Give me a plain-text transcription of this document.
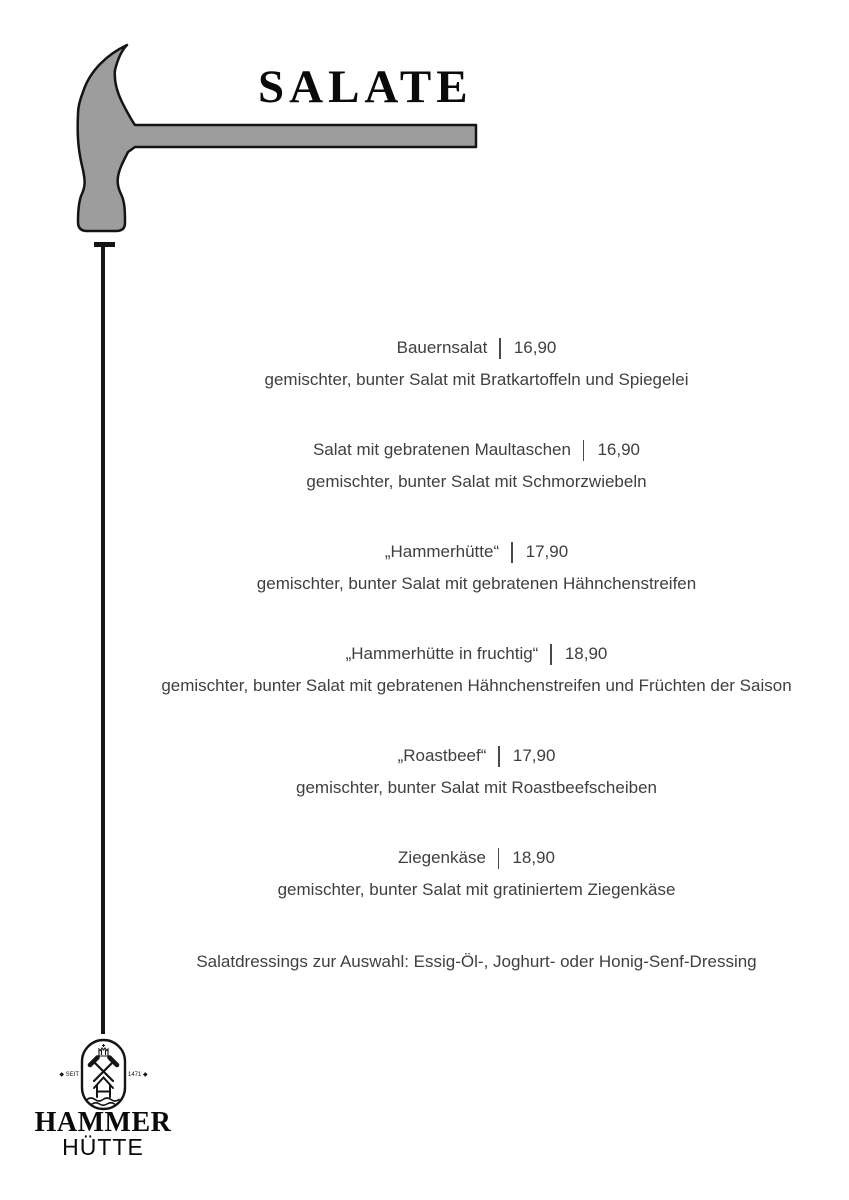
SALATE
Bauernsalat 16,90
gemischter, bunter Salat mit Bratkartoffeln und Spiegelei
Salat mit gebratenen Maultaschen 16,90
gemischter, bunter Salat mit Schmorzwiebeln
„Hammerhütte“ 17,90
gemischter, bunter Salat mit gebratenen Hähnchenstreifen
„Hammerhütte in fruchtig“ 18,90
gemischter, bunter Salat mit gebratenen Hähnchenstreifen und Früchten der Saison
„Roastbeef“ 17,90
gemischter, bunter Salat mit Roastbeefscheiben
Ziegenkäse 18,90
gemischter, bunter Salat mit gratiniertem Ziegenkäse
Salatdressings zur Auswahl: Essig-Öl-, Joghurt- oder Honig-Senf-Dressing
◆ SEIT	1471 ◆
HAMMER
HÜTTE
